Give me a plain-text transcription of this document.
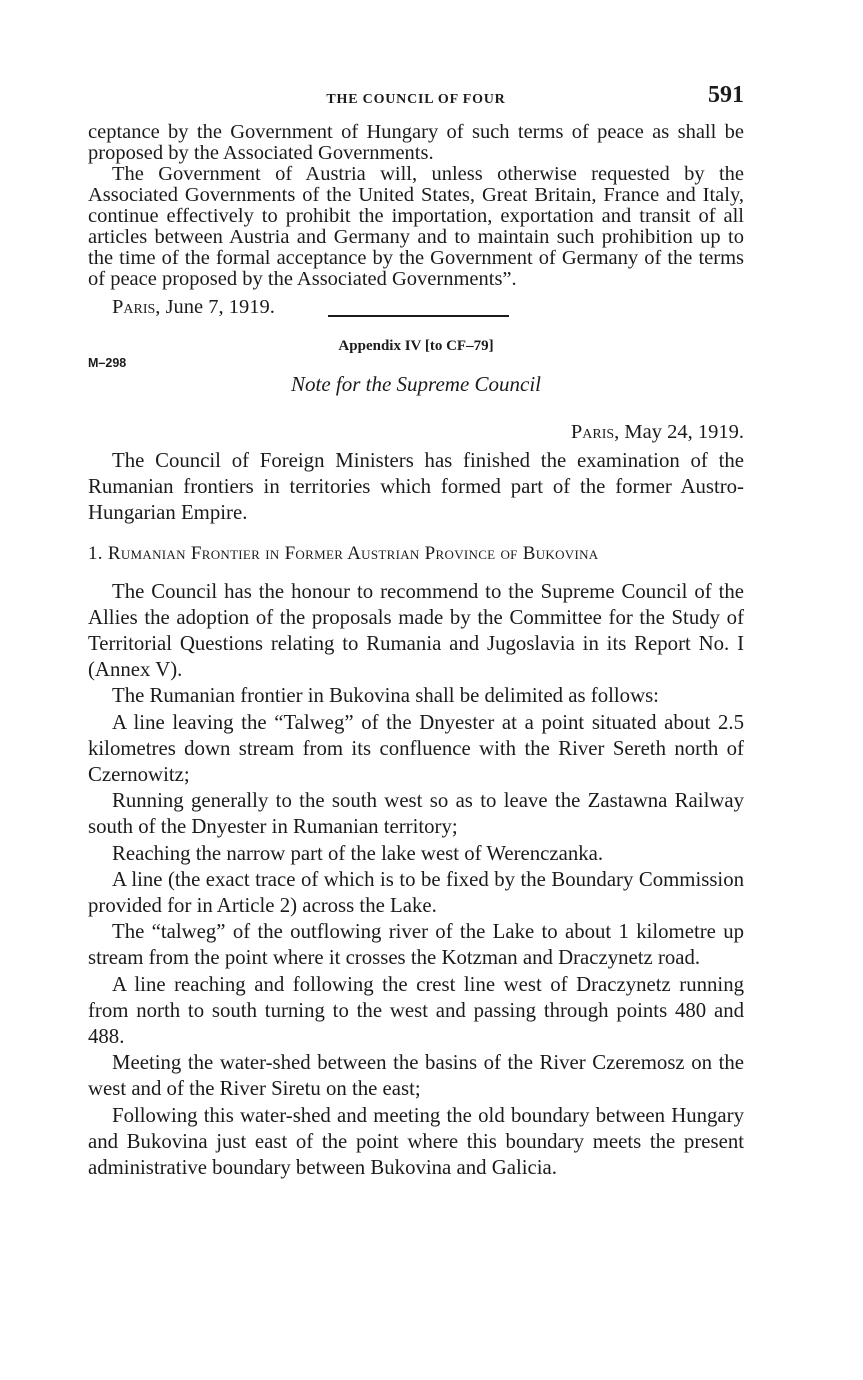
THE COUNCIL OF FOUR	591

ceptance by the Government of Hungary of such terms of peace as shall be proposed by the Associated Governments.

The Government of Austria will, unless otherwise requested by the Associated Governments of the United States, Great Britain, France and Italy, continue effectively to prohibit the importation, exportation and transit of all articles between Austria and Germany and to maintain such prohibition up to the time of the formal acceptance by the Government of Germany of the terms of peace proposed by the Associated Governments”.

Paris, June 7, 1919.
M–298
Appendix IV [to CF–79]
Note for the Supreme Council
Paris, May 24, 1919.

The Council of Foreign Ministers has finished the examination of the Rumanian frontiers in territories which formed part of the former Austro-Hungarian Empire.

1. Rumanian Frontier in Former Austrian Province of Bukovina

The Council has the honour to recommend to the Supreme Council of the Allies the adoption of the proposals made by the Committee for the Study of Territorial Questions relating to Rumania and Jugoslavia in its Report No. I (Annex V).

The Rumanian frontier in Bukovina shall be delimited as follows:

A line leaving the “Talweg” of the Dnyester at a point situated about 2.5 kilometres down stream from its confluence with the River Sereth north of Czernowitz;

Running generally to the south west so as to leave the Zastawna Railway south of the Dnyester in Rumanian territory;

Reaching the narrow part of the lake west of Werenczanka.

A line (the exact trace of which is to be fixed by the Boundary Commission provided for in Article 2) across the Lake.

The “talweg” of the outflowing river of the Lake to about 1 kilometre up stream from the point where it crosses the Kotzman and Draczynetz road.

A line reaching and following the crest line west of Draczynetz running from north to south turning to the west and passing through points 480 and 488.

Meeting the water-shed between the basins of the River Czeremosz on the west and of the River Siretu on the east;

Following this water-shed and meeting the old boundary between Hungary and Bukovina just east of the point where this boundary meets the present administrative boundary between Bukovina and Galicia.
